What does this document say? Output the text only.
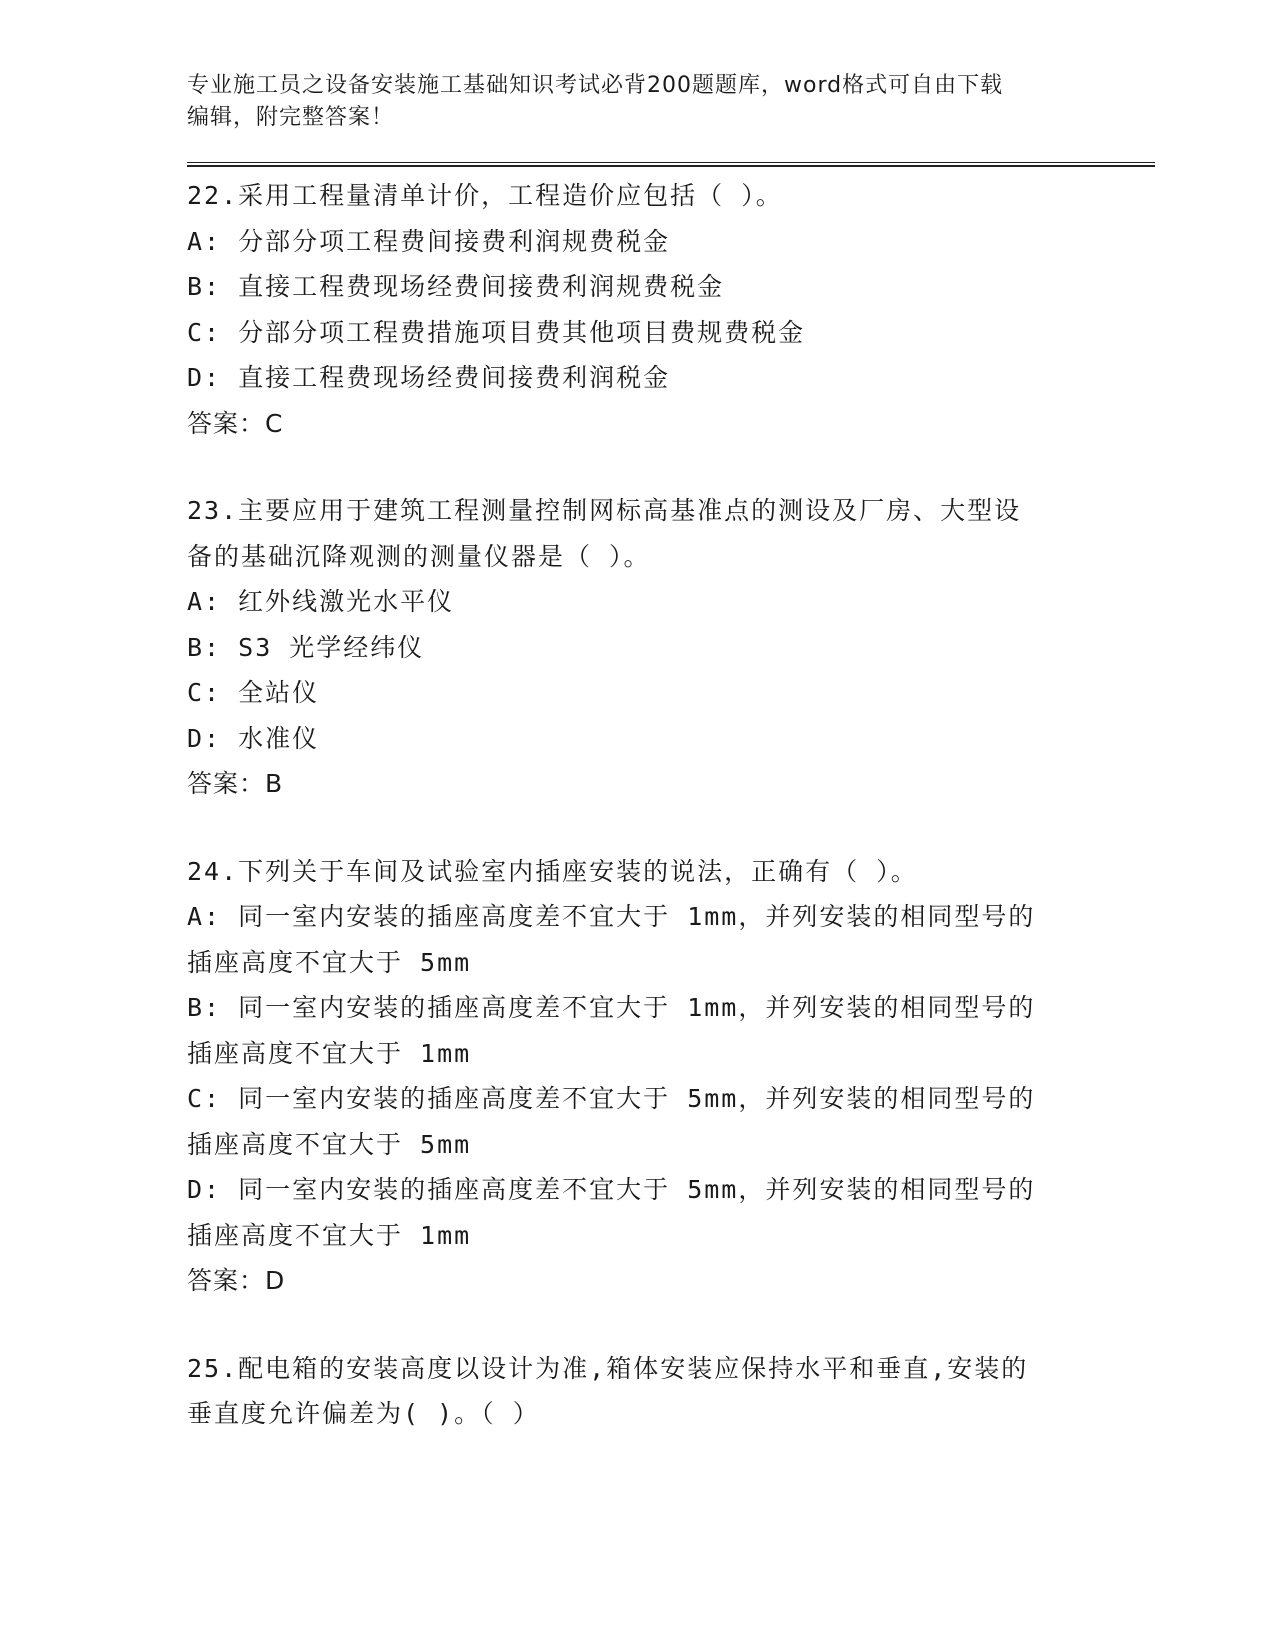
专业施工员之设备安装施工基础知识考试必背200题题库，word格式可自由下载
编辑，附完整答案！
22.采用工程量清单计价，工程造价应包括（ ）。
A: 分部分项工程费间接费利润规费税金
B: 直接工程费现场经费间接费利润规费税金
C: 分部分项工程费措施项目费其他项目费规费税金
D: 直接工程费现场经费间接费利润税金
答案：C
23.主要应用于建筑工程测量控制网标高基准点的测设及厂房、大型设
备的基础沉降观测的测量仪器是（ ）。
A: 红外线激光水平仪
B: S3 光学经纬仪
C: 全站仪
D: 水准仪
答案：B
24.下列关于车间及试验室内插座安装的说法，正确有（ ）。
A: 同一室内安装的插座高度差不宜大于 1mm，并列安装的相同型号的
插座高度不宜大于 5mm
B: 同一室内安装的插座高度差不宜大于 1mm，并列安装的相同型号的
插座高度不宜大于 1mm
C: 同一室内安装的插座高度差不宜大于 5mm，并列安装的相同型号的
插座高度不宜大于 5mm
D: 同一室内安装的插座高度差不宜大于 5mm，并列安装的相同型号的
插座高度不宜大于 1mm
答案：D
25.配电箱的安装高度以设计为准,箱体安装应保持水平和垂直,安装的
垂直度允许偏差为( )。（ ）
